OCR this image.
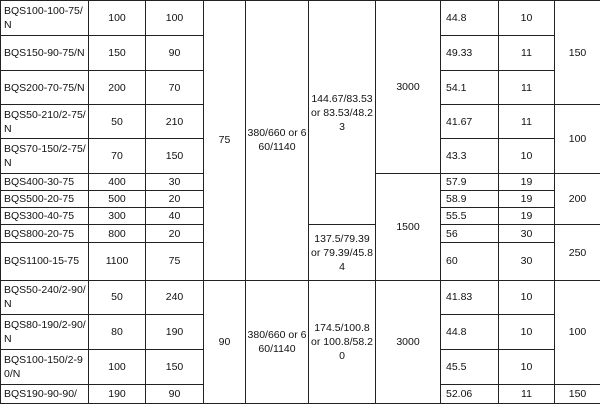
BQS100-100-75/N	100	100	75	380/660 or 660/1140	144.67/83.53 or 83.53/48.23	3000	44.8	10	150
BQS150-90-75/N	150	90					49.33	11	
BQS200-70-75/N	200	70					54.1	11	
BQS50-210/2-75/N	50	210					41.67	11	100
BQS70-150/2-75/N	70	150					43.3	10	
BQS400-30-75	400	30				1500	57.9	19	200
BQS500-20-75	500	20					58.9	19	
BQS300-40-75	300	40					55.5	19	
BQS800-20-75	800	20			137.5/79.39 or 79.39/45.84		56	30	250
BQS1100-15-75	1100	75					60	30	
BQS50-240/2-90/N	50	240	90	380/660 or 660/1140	174.5/100.8 or 100.8/58.20	3000	41.83	10	100
BQS80-190/2-90/N	80	190					44.8	10	
BQS100-150/2-90/N	100	150					45.5	10	
BQS190-90-90/	190	90					52.06	11	150
